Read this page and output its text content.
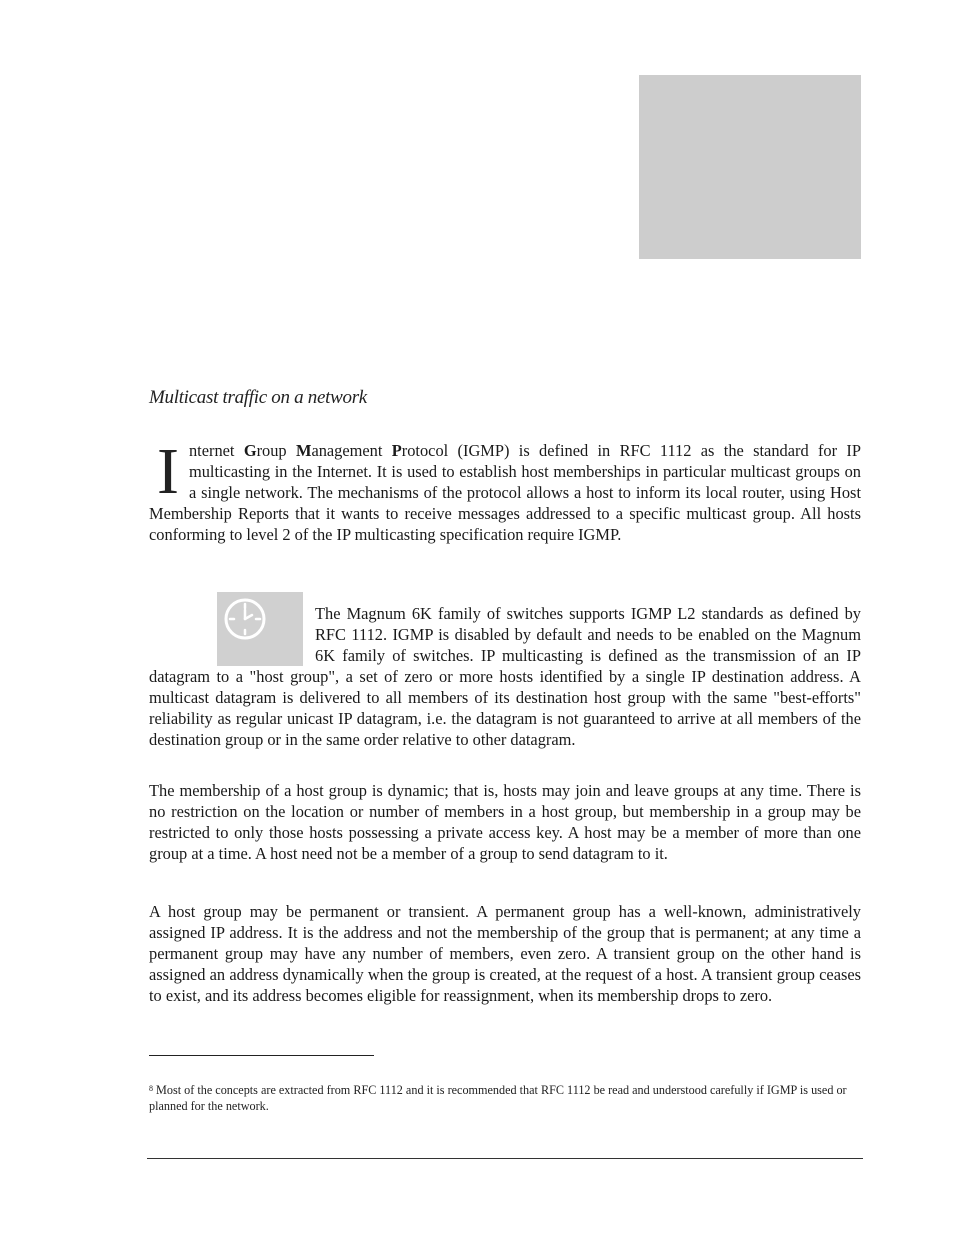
Multicast traffic on a network

Internet Group Management Protocol (IGMP) is defined in RFC 1112 as the standard for IP multicasting in the Internet. It is used to establish host memberships in particular multicast groups on a single network. The mechanisms of the protocol allows a host to inform its local router, using Host Membership Reports that it wants to receive messages addressed to a specific multicast group. All hosts conforming to level 2 of the IP multicasting specification require IGMP.

The Magnum 6K family of switches supports IGMP L2 standards as defined by RFC 1112. IGMP is disabled by default and needs to be enabled on the Magnum 6K family of switches. IP multicasting is defined as the transmission of an IP datagram to a "host group", a set of zero or more hosts identified by a single IP destination address. A multicast datagram is delivered to all members of its destination host group with the same "best-efforts" reliability as regular unicast IP datagram, i.e. the datagram is not guaranteed to arrive at all members of the destination group or in the same order relative to other datagram.

The membership of a host group is dynamic; that is, hosts may join and leave groups at any time. There is no restriction on the location or number of members in a host group, but membership in a group may be restricted to only those hosts possessing a private access key. A host may be a member of more than one group at a time. A host need not be a member of a group to send datagram to it.

A host group may be permanent or transient. A permanent group has a well-known, administratively assigned IP address. It is the address and not the membership of the group that is permanent; at any time a permanent group may have any number of members, even zero. A transient group on the other hand is assigned an address dynamically when the group is created, at the request of a host. A transient group ceases to exist, and its address becomes eligible for reassignment, when its membership drops to zero.

$^8$ Most of the concepts are extracted from RFC 1112 and it is recommended that RFC 1112 be read and understood carefully if IGMP is used or planned for the network.
